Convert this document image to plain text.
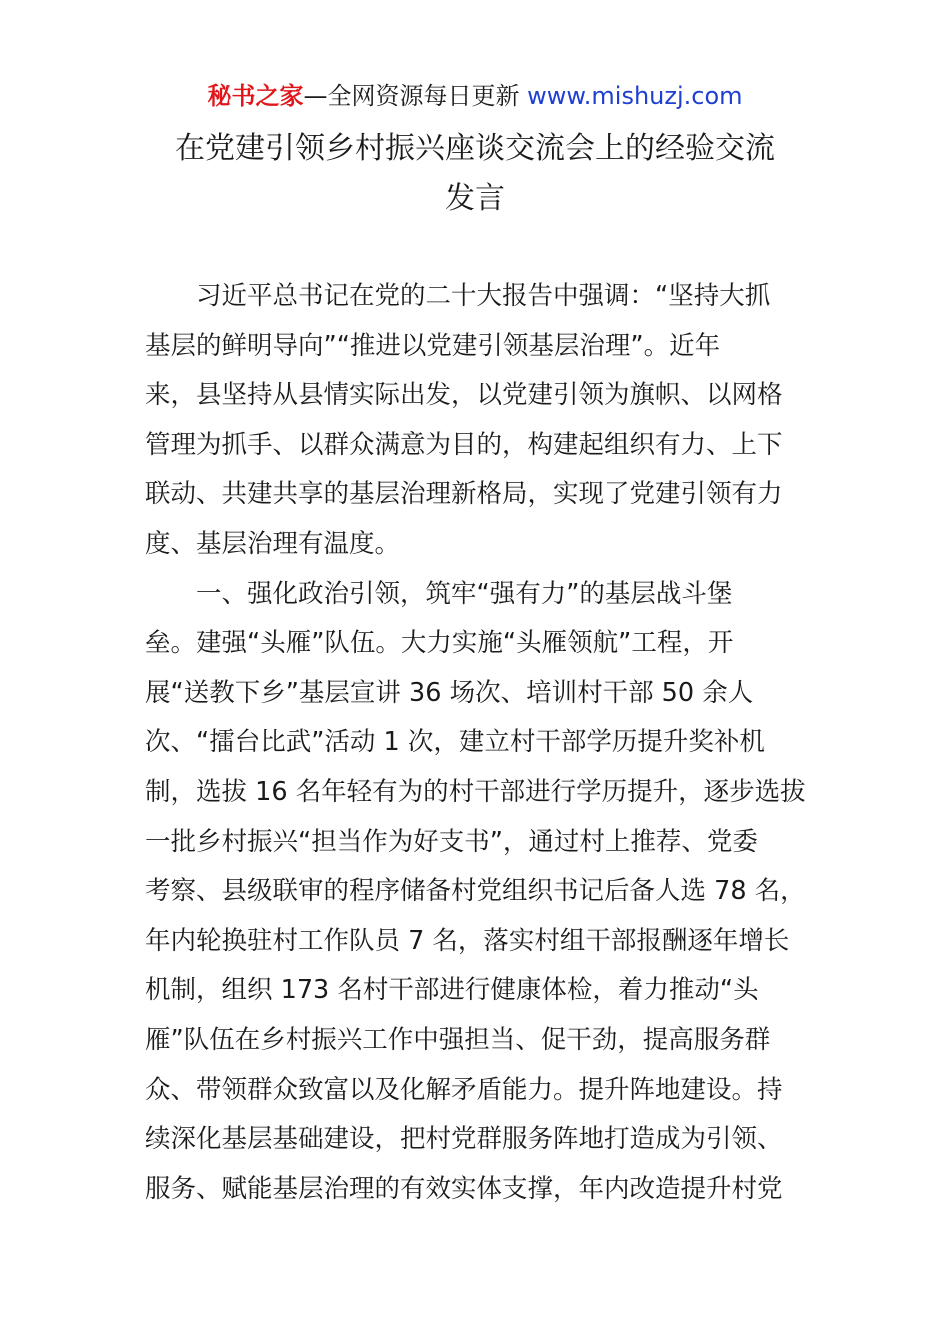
秘书之家—全网资源每日更新 www.mishuzj.com
在党建引领乡村振兴座谈交流会上的经验交流
发言
　　习近平总书记在党的二十大报告中强调：“坚持大抓
基层的鲜明导向”“推进以党建引领基层治理”。近年
来，县坚持从县情实际出发，以党建引领为旗帜、以网格
管理为抓手、以群众满意为目的，构建起组织有力、上下
联动、共建共享的基层治理新格局，实现了党建引领有力
度、基层治理有温度。
　　一、强化政治引领，筑牢“强有力”的基层战斗堡
垒。建强“头雁”队伍。大力实施“头雁领航”工程，开
展“送教下乡”基层宣讲 36 场次、培训村干部 50 余人
次、“擂台比武”活动 1 次，建立村干部学历提升奖补机
制，选拔 16 名年轻有为的村干部进行学历提升，逐步选拔
一批乡村振兴“担当作为好支书”，通过村上推荐、党委
考察、县级联审的程序储备村党组织书记后备人选 78 名，
年内轮换驻村工作队员 7 名，落实村组干部报酬逐年增长
机制，组织 173 名村干部进行健康体检，着力推动“头
雁”队伍在乡村振兴工作中强担当、促干劲，提高服务群
众、带领群众致富以及化解矛盾能力。提升阵地建设。持
续深化基层基础建设，把村党群服务阵地打造成为引领、
服务、赋能基层治理的有效实体支撑，年内改造提升村党
